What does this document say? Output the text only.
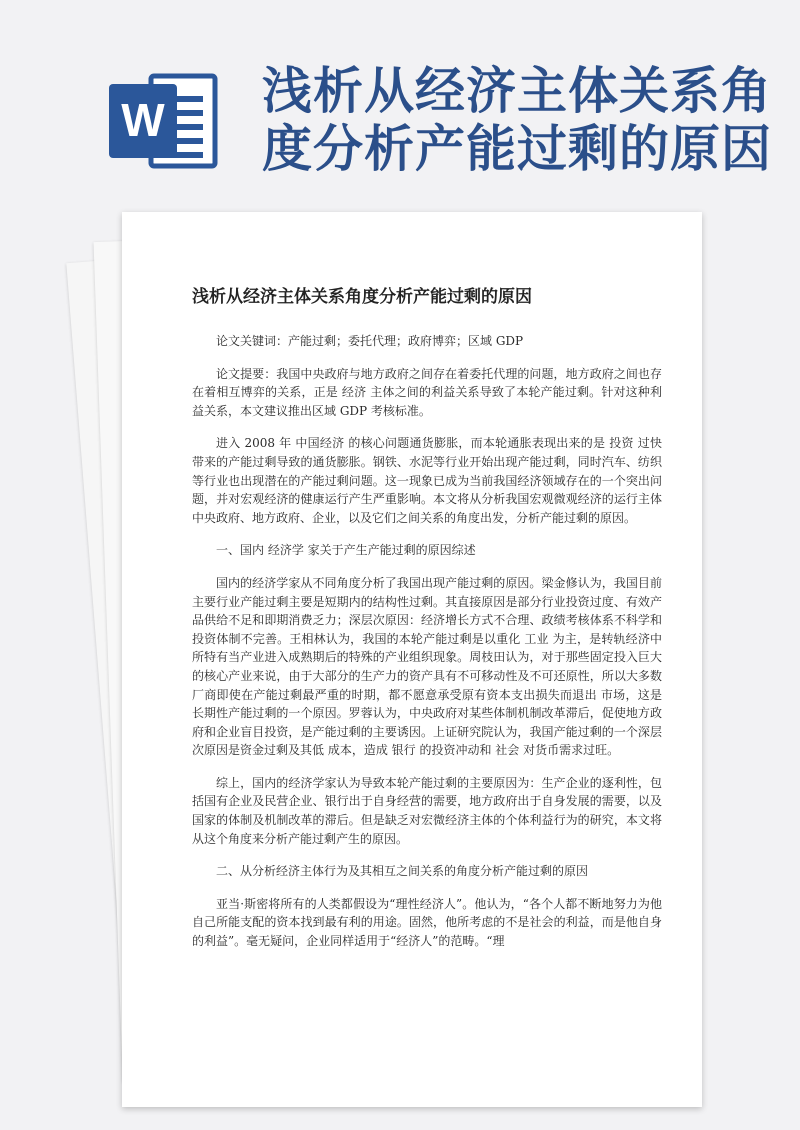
W 浅析从经济主体关系角度分析产能过剩的原因
浅析从经济主体关系角度分析产能过剩的原因

论文关键词：产能过剩；委托代理；政府博弈；区域 GDP

论文提要：我国中央政府与地方政府之间存在着委托代理的问题，地方政府之间也存在着相互博弈的关系，正是 经济 主体之间的利益关系导致了本轮产能过剩。针对这种利益关系，本文建议推出区域 GDP 考核标准。

进入 2008 年 中国经济 的核心问题通货膨胀，而本轮通胀表现出来的是 投资 过快带来的产能过剩导致的通货膨胀。钢铁、水泥等行业开始出现产能过剩，同时汽车、纺织等行业也出现潜在的产能过剩问题。这一现象已成为当前我国经济领域存在的一个突出问题，并对宏观经济的健康运行产生严重影响。本文将从分析我国宏观微观经济的运行主体中央政府、地方政府、企业，以及它们之间关系的角度出发，分析产能过剩的原因。

一、国内 经济学 家关于产生产能过剩的原因综述

国内的经济学家从不同角度分析了我国出现产能过剩的原因。梁金修认为，我国目前主要行业产能过剩主要是短期内的结构性过剩。其直接原因是部分行业投资过度、有效产品供给不足和即期消费乏力；深层次原因：经济增长方式不合理、政绩考核体系不科学和投资体制不完善。王相林认为，我国的本轮产能过剩是以重化 工业 为主，是转轨经济中所特有当产业进入成熟期后的特殊的产业组织现象。周枝田认为，对于那些固定投入巨大的核心产业来说，由于大部分的生产力的资产具有不可移动性及不可还原性，所以大多数厂商即使在产能过剩最严重的时期，都不愿意承受原有资本支出损失而退出 市场，这是长期性产能过剩的一个原因。罗蓉认为，中央政府对某些体制机制改革滞后，促使地方政府和企业盲目投资，是产能过剩的主要诱因。上证研究院认为，我国产能过剩的一个深层次原因是资金过剩及其低 成本，造成 银行 的投资冲动和 社会 对货币需求过旺。

综上，国内的经济学家认为导致本轮产能过剩的主要原因为：生产企业的逐利性，包括国有企业及民营企业、银行出于自身经营的需要，地方政府出于自身发展的需要，以及国家的体制及机制改革的滞后。但是缺乏对宏微经济主体的个体利益行为的研究，本文将从这个角度来分析产能过剩产生的原因。

二、从分析经济主体行为及其相互之间关系的角度分析产能过剩的原因

亚当·斯密将所有的人类都假设为“理性经济人”。他认为，“各个人都不断地努力为他自己所能支配的资本找到最有利的用途。固然，他所考虑的不是社会的利益，而是他自身的利益”。毫无疑问，企业同样适用于“经济人”的范畴。“理
